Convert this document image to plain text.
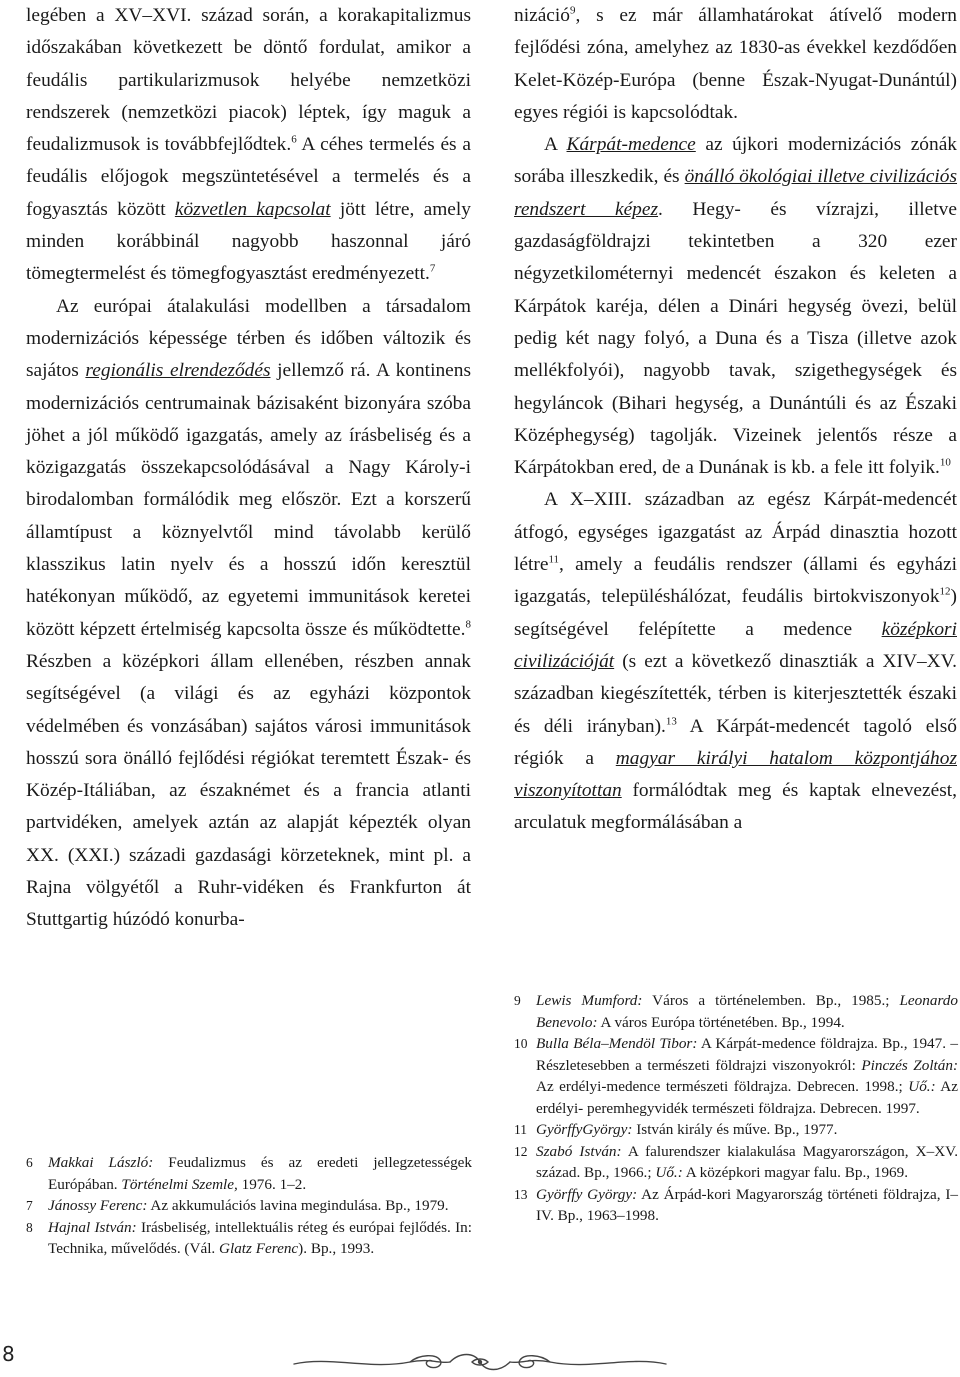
legében a XV–XVI. század során, a korakapitalizmus időszakában következett be döntő fordulat, amikor a feudális partikularizmusok helyébe nemzetközi rendszerek (nemzetközi piacok) léptek, így maguk a feudalizmusok is továbbfejlődtek.$^6$ A céhes termelés és a feudális előjogok megszüntetésével a termelés és a fogyasztás között közvetlen kapcsolat jött létre, amely minden korábbinál nagyobb haszonnal járó tömegtermelést és tömegfogyasztást eredményezett.$^7$

Az európai átalakulási modellben a társadalom modernizációs képessége térben és időben változik és sajátos regionális elrendeződés jellemző rá. A kontinens modernizációs centrumainak bázisaként bizonyára szóba jöhet a jól működő igazgatás, amely az írásbeliség és a közigazgatás összekapcsolódásával a Nagy Károly-i birodalomban formálódik meg először. Ezt a korszerű államtípust a köznyelvtől mind távolabb kerülő klasszikus latin nyelv és a hosszú időn keresztül hatékonyan működő, az egyetemi immunitások keretei között képzett értelmiség kapcsolta össze és működtette.$^8$ Részben a középkori állam ellenében, részben annak segítségével (a világi és az egyházi központok védelmében és vonzásában) sajátos városi immunitások hosszú sora önálló fejlődési régiókat teremtett Észak- és Közép-Itáliában, az északnémet és a francia atlanti partvidéken, amelyek aztán az alapját képezték olyan XX. (XXI.) századi gazdasági körzeteknek, mint pl. a Rajna völgyétől a Ruhr-vidéken és Frankfurton át Stuttgartig húzódó konurba-

nizáció$^9$, s ez már államhatárokat átívelő modern fejlődési zóna, amelyhez az 1830-as évekkel kezdődően Kelet-Közép-Európa (benne Észak-Nyugat-Dunántúl) egyes régiói is kapcsolódtak.

A Kárpát-medence az újkori modernizációs zónák sorába illeszkedik, és önálló ökológiai illetve civilizációs rendszert képez. Hegy- és vízrajzi, illetve gazdaságföldrajzi tekintetben a 320 ezer négyzetkilométernyi medencét északon és keleten a Kárpátok karéja, délen a Dinári hegység övezi, belül pedig két nagy folyó, a Duna és a Tisza (illetve azok mellékfolyói), nagyobb tavak, szigethegységek és hegyláncok (Bihari hegység, a Dunántúli és az Északi Középhegység) tagolják. Vizeinek jelentős része a Kárpátokban ered, de a Dunának is kb. a fele itt folyik.$^{10}$

A X–XIII. században az egész Kárpát-medencét átfogó, egységes igazgatást az Árpád dinasztia hozott létre$^{11}$, amely a feudális rendszer (állami és egyházi igazgatás, településhálózat, feudális birtokviszonyok$^{12}$) segítségével felépítette a medence középkori civilizációját (s ezt a következő dinasztiák a XIV–XV. században kiegészítették, térben is kiterjesztették északi és déli irányban).$^{13}$ A Kárpát-medencét tagoló első régiók a magyar királyi hatalom központjához viszonyítottan formálódtak meg és kaptak elnevezést, arculatuk megformálásában a

6	Makkai László: Feudalizmus és az eredeti jellegzetességek Európában. Történelmi Szemle, 1976. 1–2.
7	Jánossy Ferenc: Az akkumulációs lavina megindulása. Bp., 1979.
8	Hajnal István: Irásbeliség, intellektuális réteg és európai fejlődés. In: Technika, művelődés. (Vál. Glatz Ferenc). Bp., 1993.
9	Lewis Mumford: Város a történelemben. Bp., 1985.; Leonardo Benevolo: A város Európa történetében. Bp., 1994.
10 Bulla Béla–Mendöl Tibor: A Kárpát-medence földrajza. Bp., 1947. – Részletesebben a természeti földrajzi viszonyokról: Pinczés Zoltán: Az erdélyi-medence természeti földrajza. Debrecen. 1998.; Uő.: Az erdélyi- peremhegyvidék természeti földrajza. Debrecen. 1997.
11 GyörffyGyörgy: István király és műve. Bp., 1977.
12 Szabó István: A falurendszer kialakulása Magyarországon, X–XV. század. Bp., 1966.; Uő.: A középkori magyar falu. Bp., 1969.
13 Györffy György: Az Árpád-kori Magyarország történeti földrajza, I–IV. Bp., 1963–1998.
8
